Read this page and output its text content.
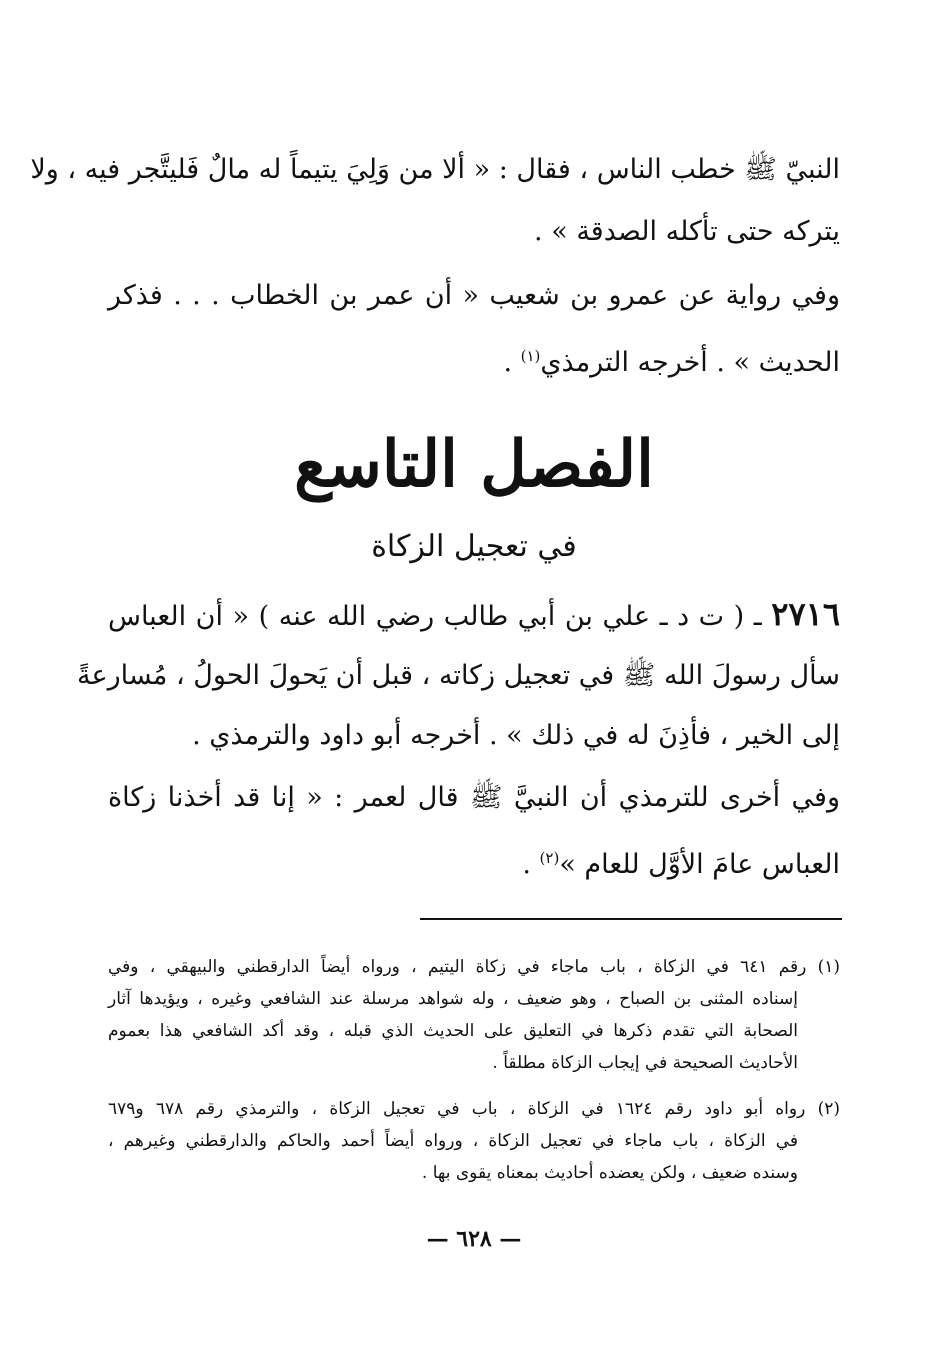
النبيّ ﷺ خطب الناس ، فقال : « ألا من وَلِيَ يتيماً له مالٌ فَليتَّجر فيه ، ولا
يتركه حتى تأكله الصدقة » .
وفي رواية عن عمرو بن شعيب « أن عمر بن الخطاب . . . فذكر
الحديث » . أخرجه الترمذي$^{(١)}$ .
الفصل التاسع
في تعجيل الزكاة
٢٧١٦ ـ ( ت د ـ علي بن أبي طالب رضي الله عنه ) « أن العباس
سأل رسولَ الله ﷺ في تعجيل زكاته ، قبل أن يَحولَ الحولُ ، مُسارعةً
إلى الخير ، فأذِنَ له في ذلك » . أخرجه أبو داود والترمذي .
وفي أخرى للترمذي أن النبيَّ ﷺ قال لعمر : « إنا قد أخذنا زكاة
العباس عامَ الأوَّل للعام »$^{(٢)}$ .
(١) رقم ٦٤١ في الزكاة ، باب ماجاء في زكاة اليتيم ، ورواه أيضاً الدارقطني والبيهقي ، وفي
إسناده المثنى بن الصباح ، وهو ضعيف ، وله شواهد مرسلة عند الشافعي وغيره ، ويؤيدها آثار
الصحابة التي تقدم ذكرها في التعليق على الحديث الذي قبله ، وقد أكد الشافعي هذا بعموم
الأحاديث الصحيحة في إيجاب الزكاة مطلقاً .
(٢) رواه أبو داود رقم ١٦٢٤ في الزكاة ، باب في تعجيل الزكاة ، والترمذي رقم ٦٧٨ و٦٧٩
في الزكاة ، باب ماجاء في تعجيل الزكاة ، ورواه أيضاً أحمد والحاكم والدارقطني وغيرهم ،
وسنده ضعيف ، ولكن يعضده أحاديث بمعناه يقوى بها .
— ٦٢٨ —
